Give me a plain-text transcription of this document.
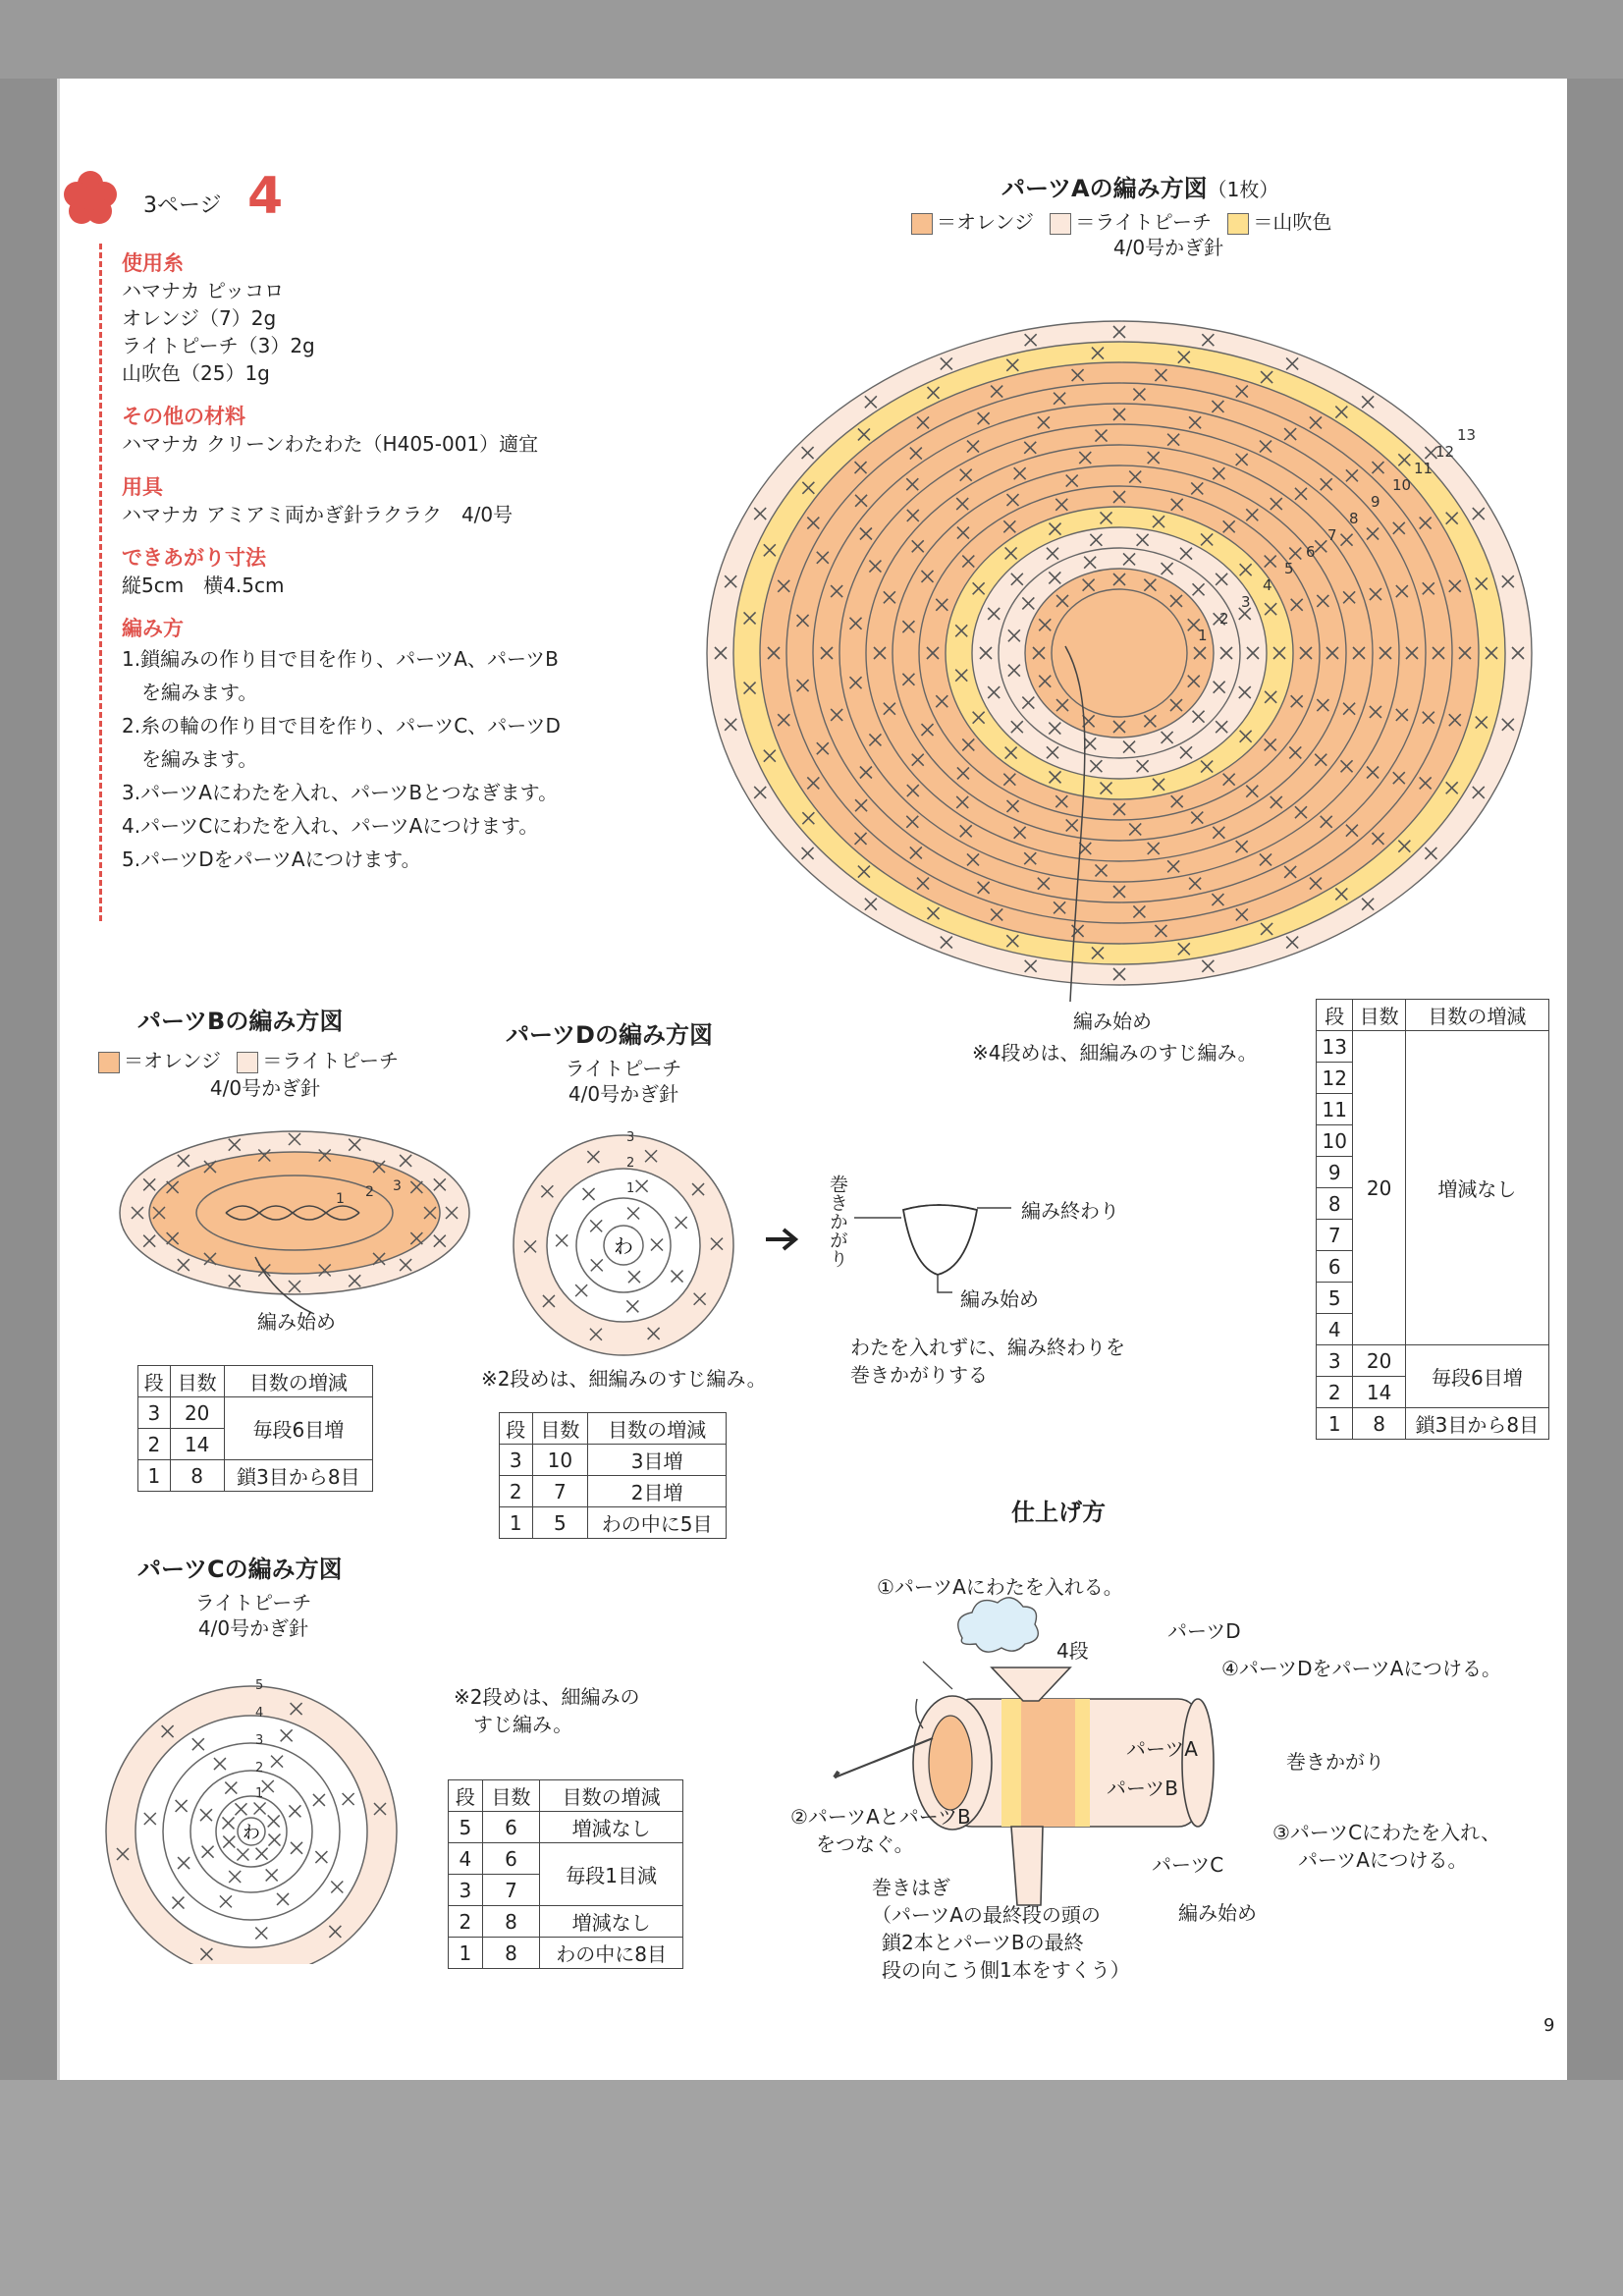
3ページ 4
使用糸
ハマナカ ピッコロ
オレンジ（7）2g
ライトピーチ（3）2g
山吹色（25）1g
その他の材料
ハマナカ クリーンわたわた（H405-001）適宜
用具
ハマナカ アミアミ両かぎ針ラクラク　4/0号
できあがり寸法
縦5cm　横4.5cm
編み方
1.鎖編みの作り目で目を作り、パーツA、パーツB
　を編みます。
2.糸の輪の作り目で目を作り、パーツC、パーツD
　を編みます。
3.パーツAにわたを入れ、パーツBとつなぎます。
4.パーツCにわたを入れ、パーツAにつけます。
5.パーツDをパーツAにつけます。
パーツAの編み方図（1枚）
＝オレンジ ＝ライトピーチ ＝山吹色
4/0号かぎ針
1
2
3
4
5
6
7
8
9
10
11
12
13
編み始め
※4段めは、細編みのすじ編み。
段	目数	目数の増減
13	20	増減なし
12		
11		
10		
9		
8		
7		
6		
5		
4		
3	20	毎段6目増
2	14	
1	8	鎖3目から8目
パーツBの編み方図
＝オレンジ ＝ライトピーチ
4/0号かぎ針
1 2 3
編み始め
段	目数	目数の増減
3	20	毎段6目増
2	14	
1	8	鎖3目から8目
パーツDの編み方図
ライトピーチ
4/0号かぎ針
わ
1
2
3
※2段めは、細編みのすじ編み。
段	目数	目数の増減
3	10	3目増
2	7	2目増
1	5	わの中に5目
巻きかがり	編み終わり
編み始め
わたを入れずに、編み終わりを
巻きかがりする
パーツCの編み方図
ライトピーチ
4/0号かぎ針
わ
1
2
3
4
5	※2段めは、細編みの
　すじ編み。
段	目数	目数の増減
5	6	増減なし
4	6	毎段1目減
3	7	
2	8	増減なし
1	8	わの中に8目
仕上げ方
①パーツAにわたを入れる。
4段
パーツD
④パーツDをパーツAにつける。
パーツA
パーツB
巻きかがり
②パーツAとパーツB
をつなぐ。	③パーツCにわたを入れ、
パーツAにつける。
パーツC
編み始め
巻きはぎ
（パーツAの最終段の頭の
鎖2本とパーツBの最終
段の向こう側1本をすくう）
9
